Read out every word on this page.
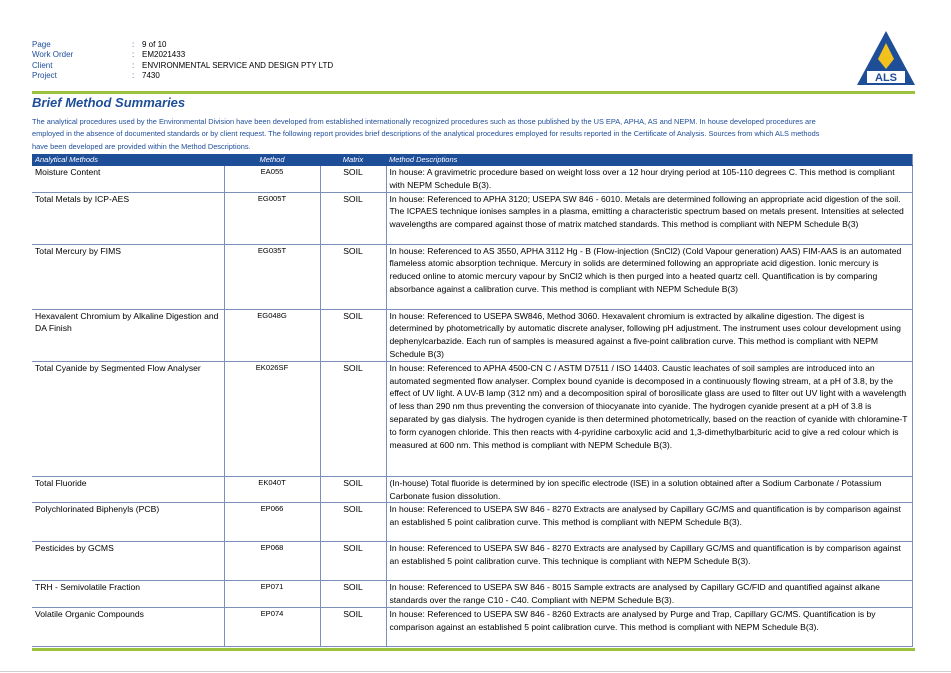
Page	: 9 of 10
Work Order	: EM2021433
Client	: ENVIRONMENTAL SERVICE AND DESIGN PTY LTD
Project	: 7430	ALS
Brief Method Summaries
The analytical procedures used by the Environmental Division have been developed from established internationally recognized procedures such as those published by the US EPA, APHA, AS and NEPM. In house developed procedures are employed in the absence of documented standards or by client request. The following report provides brief descriptions of the analytical procedures employed for results reported in the Certificate of Analysis. Sources from which ALS methods have been developed are provided within the Method Descriptions.
Analytical Methods	Method	Matrix	Method Descriptions
Moisture Content	EA055	SOIL	In house: A gravimetric procedure based on weight loss over a 12 hour drying period at 105-110 degrees C. This method is compliant with NEPM Schedule B(3).
Total Metals by ICP-AES	EG005T	SOIL	In house: Referenced to APHA 3120; USEPA SW 846 - 6010. Metals are determined following an appropriate acid digestion of the soil. The ICPAES technique ionises samples in a plasma, emitting a characteristic spectrum based on metals present. Intensities at selected wavelengths are compared against those of matrix matched standards. This method is compliant with NEPM Schedule B(3)
Total Mercury by FIMS	EG035T	SOIL	In house: Referenced to AS 3550, APHA 3112 Hg - B (Flow-injection (SnCl2) (Cold Vapour generation) AAS) FIM-AAS is an automated flameless atomic absorption technique. Mercury in solids are determined following an appropriate acid digestion. Ionic mercury is reduced online to atomic mercury vapour by SnCl2 which is then purged into a heated quartz cell. Quantification is by comparing absorbance against a calibration curve. This method is compliant with NEPM Schedule B(3)
Hexavalent Chromium by Alkaline Digestion and DA Finish	EG048G	SOIL	In house: Referenced to USEPA SW846, Method 3060. Hexavalent chromium is extracted by alkaline digestion. The digest is determined by photometrically by automatic discrete analyser, following pH adjustment. The instrument uses colour development using dephenylcarbazide. Each run of samples is measured against a five-point calibration curve. This method is compliant with NEPM Schedule B(3)
Total Cyanide by Segmented Flow Analyser	EK026SF	SOIL	In house: Referenced to APHA 4500-CN C / ASTM D7511 / ISO 14403. Caustic leachates of soil samples are introduced into an automated segmented flow analyser. Complex bound cyanide is decomposed in a continuously flowing stream, at a pH of 3.8, by the effect of UV light. A UV-B lamp (312 nm) and a decomposition spiral of borosilicate glass are used to filter out UV light with a wavelength of less than 290 nm thus preventing the conversion of thiocyanate into cyanide. The hydrogen cyanide present at a pH of 3.8 is separated by gas dialysis. The hydrogen cyanide is then determined photometrically, based on the reaction of cyanide with chloramine-T to form cyanogen chloride. This then reacts with 4-pyridine carboxylic acid and 1,3-dimethylbarbituric acid to give a red colour which is measured at 600 nm. This method is compliant with NEPM Schedule B(3).
Total Fluoride	EK040T	SOIL	(In-house) Total fluoride is determined by ion specific electrode (ISE) in a solution obtained after a Sodium Carbonate / Potassium Carbonate fusion dissolution.
Polychlorinated Biphenyls (PCB)	EP066	SOIL	In house: Referenced to USEPA SW 846 - 8270 Extracts are analysed by Capillary GC/MS and quantification is by comparison against an established 5 point calibration curve. This method is compliant with NEPM Schedule B(3).
Pesticides by GCMS	EP068	SOIL	In house: Referenced to USEPA SW 846 - 8270 Extracts are analysed by Capillary GC/MS and quantification is by comparison against an established 5 point calibration curve. This technique is compliant with NEPM Schedule B(3).
TRH - Semivolatile Fraction	EP071	SOIL	In house: Referenced to USEPA SW 846 - 8015 Sample extracts are analysed by Capillary GC/FID and quantified against alkane standards over the range C10 - C40. Compliant with NEPM Schedule B(3).
Volatile Organic Compounds	EP074	SOIL	In house: Referenced to USEPA SW 846 - 8260 Extracts are analysed by Purge and Trap, Capillary GC/MS. Quantification is by comparison against an established 5 point calibration curve. This method is compliant with NEPM Schedule B(3).
